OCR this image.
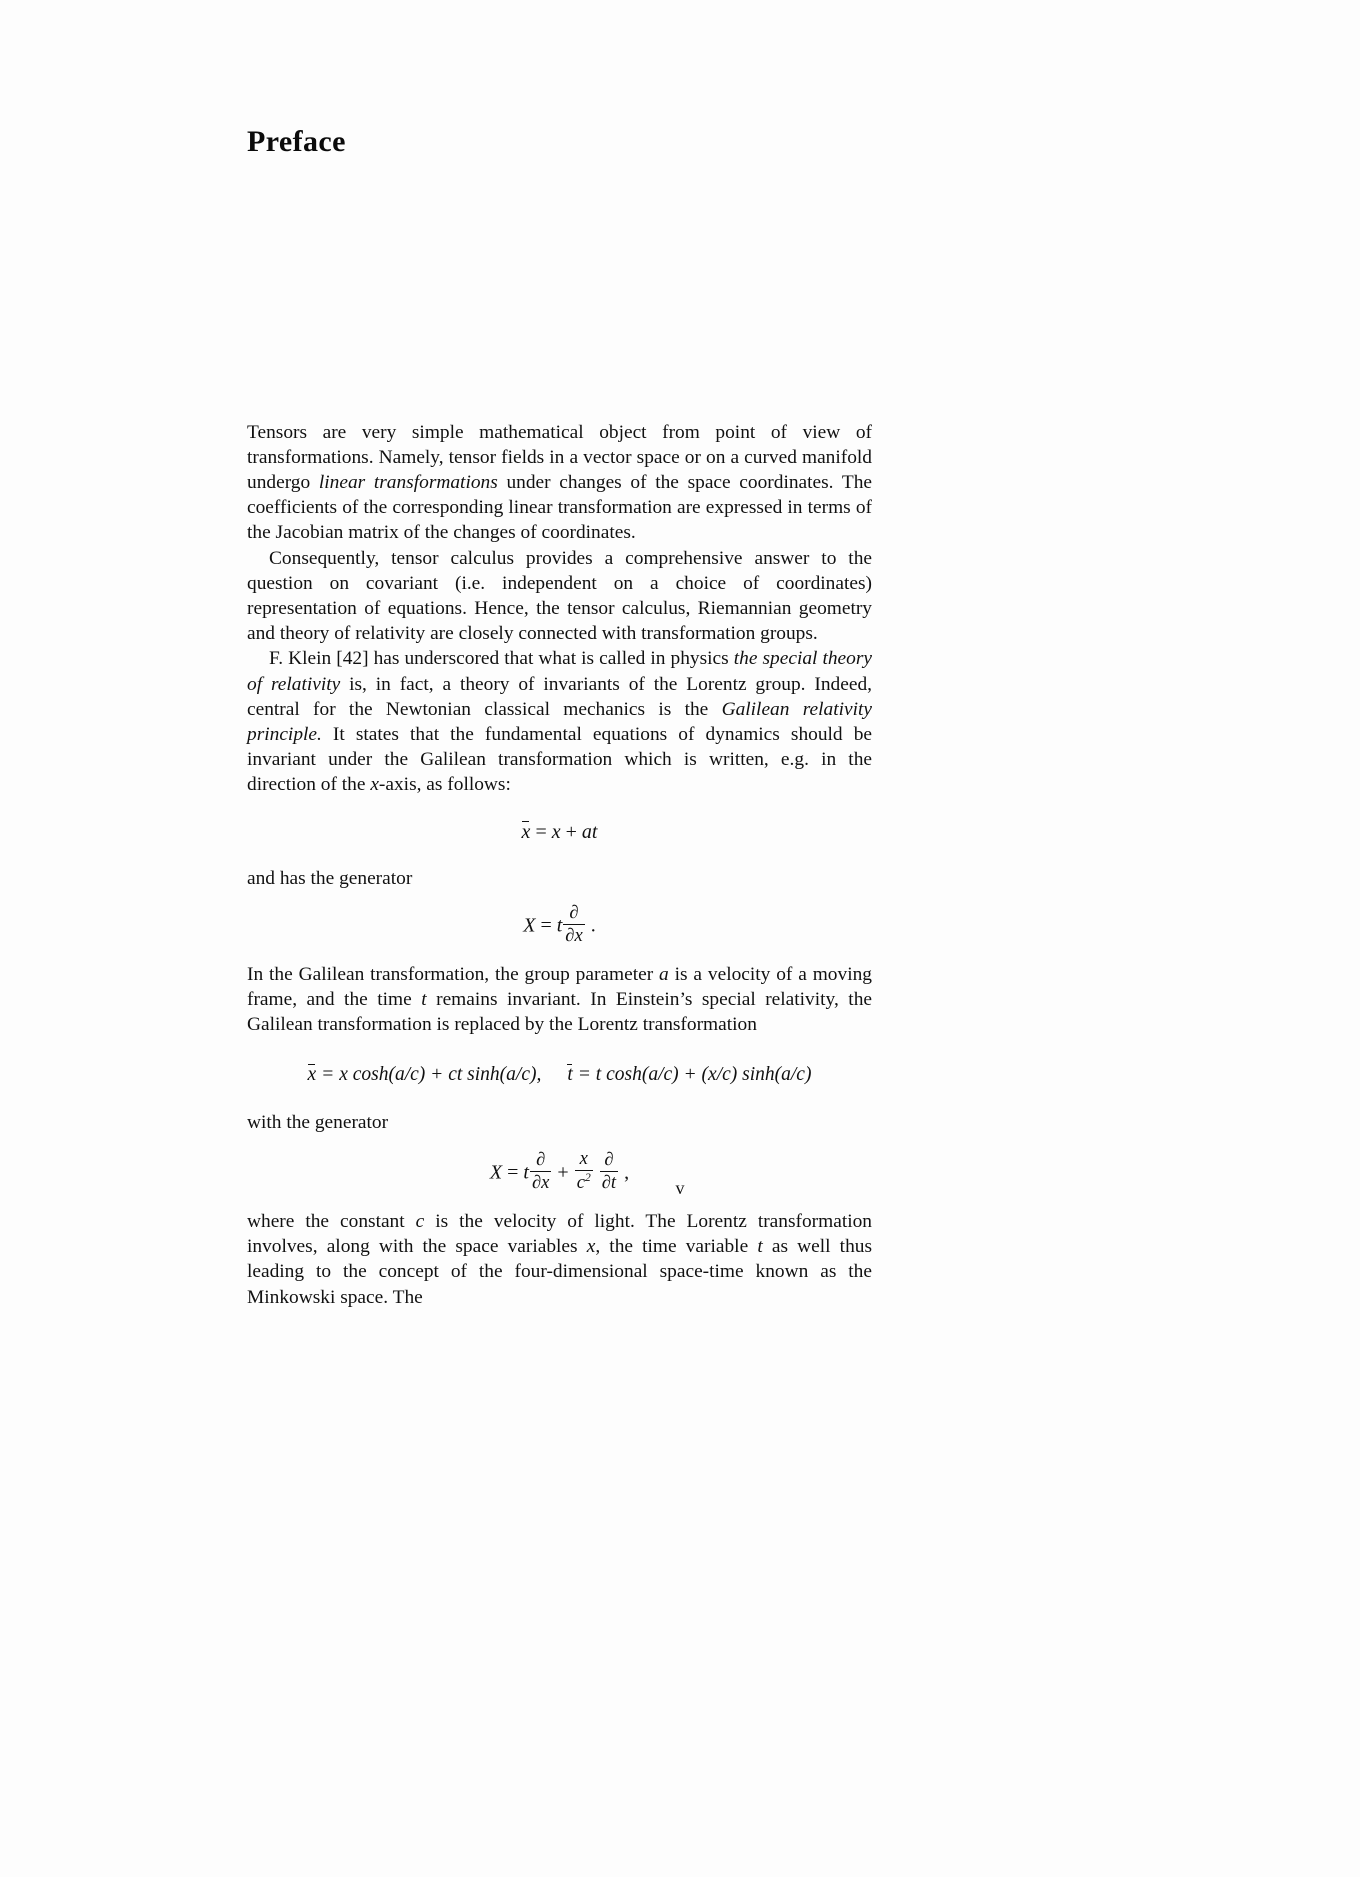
Preface

Tensors are very simple mathematical object from point of view of transformations. Namely, tensor fields in a vector space or on a curved manifold undergo linear transformations under changes of the space coordinates. The coefficients of the corresponding linear transformation are expressed in terms of the Jacobian matrix of the changes of coordinates.

Consequently, tensor calculus provides a comprehensive answer to the question on covariant (i.e. independent on a choice of coordinates) representation of equations. Hence, the tensor calculus, Riemannian geometry and theory of relativity are closely connected with transformation groups.

F. Klein [42] has underscored that what is called in physics the special theory of relativity is, in fact, a theory of invariants of the Lorentz group. Indeed, central for the Newtonian classical mechanics is the Galilean relativity principle. It states that the fundamental equations of dynamics should be invariant under the Galilean transformation which is written, e.g. in the direction of the x-axis, as follows:

x = x + at

and has the generator

X = t $\frac{\partial}{\partial x}$ .

In the Galilean transformation, the group parameter a is a velocity of a moving frame, and the time t remains invariant. In Einstein’s special relativity, the Galilean transformation is replaced by the Lorentz transformation

x = x cosh(a/c) + ct sinh(a/c), t = t cosh(a/c) + (x/c) sinh(a/c)

with the generator

X = t $\frac{\partial}{\partial x} + \frac{x}{c^2} \frac{\partial}{\partial t}$ ,

where the constant c is the velocity of light. The Lorentz transformation involves, along with the space variables x, the time variable t as well thus leading to the concept of the four-dimensional space-time known as the Minkowski space. The

v
